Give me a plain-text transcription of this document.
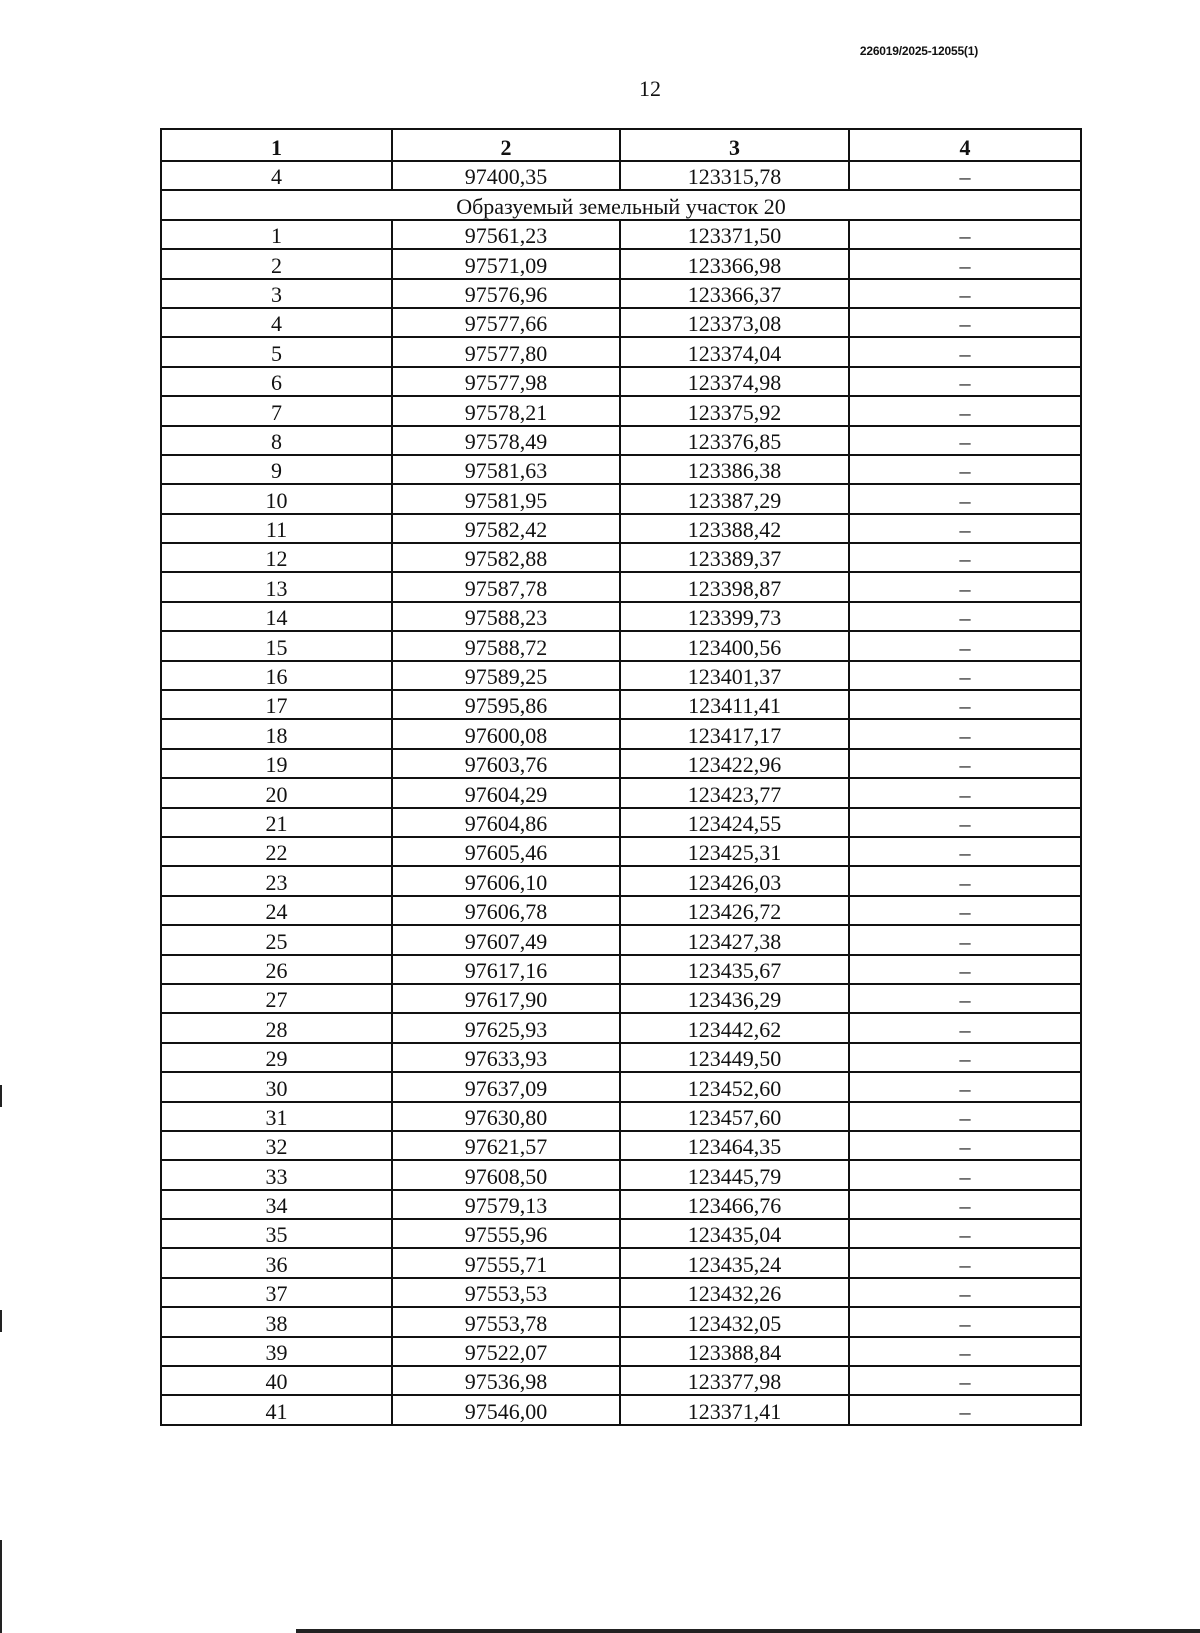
226019/2025-12055(1)
12
1	2	3	4
4	97400,35	123315,78	–
Образуемый земельный участок 20			
1	97561,23	123371,50	–
2	97571,09	123366,98	–
3	97576,96	123366,37	–
4	97577,66	123373,08	–
5	97577,80	123374,04	–
6	97577,98	123374,98	–
7	97578,21	123375,92	–
8	97578,49	123376,85	–
9	97581,63	123386,38	–
10	97581,95	123387,29	–
11	97582,42	123388,42	–
12	97582,88	123389,37	–
13	97587,78	123398,87	–
14	97588,23	123399,73	–
15	97588,72	123400,56	–
16	97589,25	123401,37	–
17	97595,86	123411,41	–
18	97600,08	123417,17	–
19	97603,76	123422,96	–
20	97604,29	123423,77	–
21	97604,86	123424,55	–
22	97605,46	123425,31	–
23	97606,10	123426,03	–
24	97606,78	123426,72	–
25	97607,49	123427,38	–
26	97617,16	123435,67	–
27	97617,90	123436,29	–
28	97625,93	123442,62	–
29	97633,93	123449,50	–
30	97637,09	123452,60	–
31	97630,80	123457,60	–
32	97621,57	123464,35	–
33	97608,50	123445,79	–
34	97579,13	123466,76	–
35	97555,96	123435,04	–
36	97555,71	123435,24	–
37	97553,53	123432,26	–
38	97553,78	123432,05	–
39	97522,07	123388,84	–
40	97536,98	123377,98	–
41	97546,00	123371,41	–
